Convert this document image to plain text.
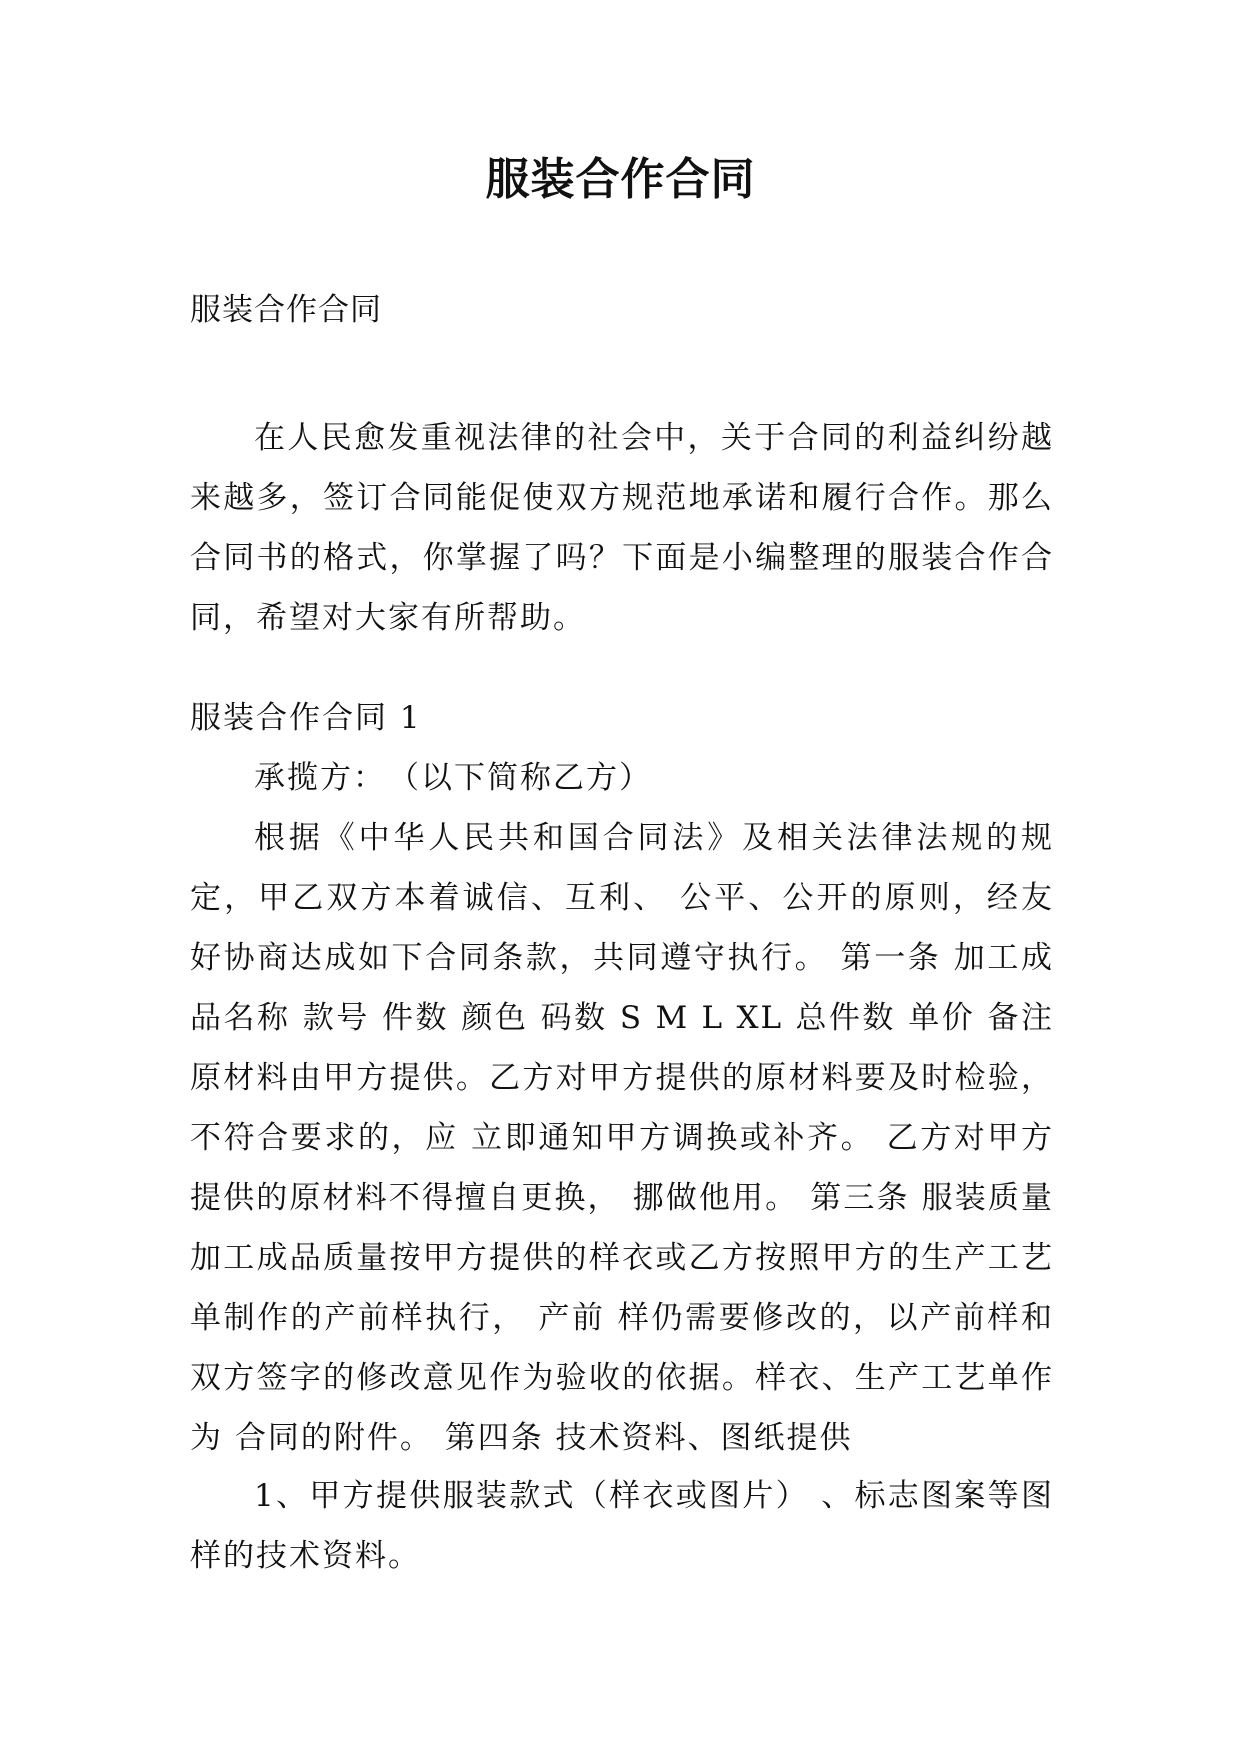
服装合作合同
服装合作合同

在人民愈发重视法律的社会中，关于合同的利益纠纷越来越多，签订合同能促使双方规范地承诺和履行合作。那么合同书的格式，你掌握了吗？下面是小编整理的服装合作合同，希望对大家有所帮助。

服装合作合同 1

承揽方：　（以下简称乙方）

根据《中华人民共和国合同法》及相关法律法规的规定，甲乙双方本着诚信、互利、 公平、公开的原则，经友好协商达成如下合同条款，共同遵守执行。 第一条 加工成品名称 款号 件数 颜色 码数 S M L XL 总件数 单价 备注原材料由甲方提供。乙方对甲方提供的原材料要及时检验，不符合要求的，应 立即通知甲方调换或补齐。 乙方对甲方提供的原材料不得擅自更换， 挪做他用。 第三条 服装质量 加工成品质量按甲方提供的样衣或乙方按照甲方的生产工艺单制作的产前样执行， 产前 样仍需要修改的，以产前样和双方签字的修改意见作为验收的依据。样衣、生产工艺单作为 合同的附件。 第四条 技术资料、图纸提供

1、甲方提供服装款式（样衣或图片） 、标志图案等图样的技术资料。
